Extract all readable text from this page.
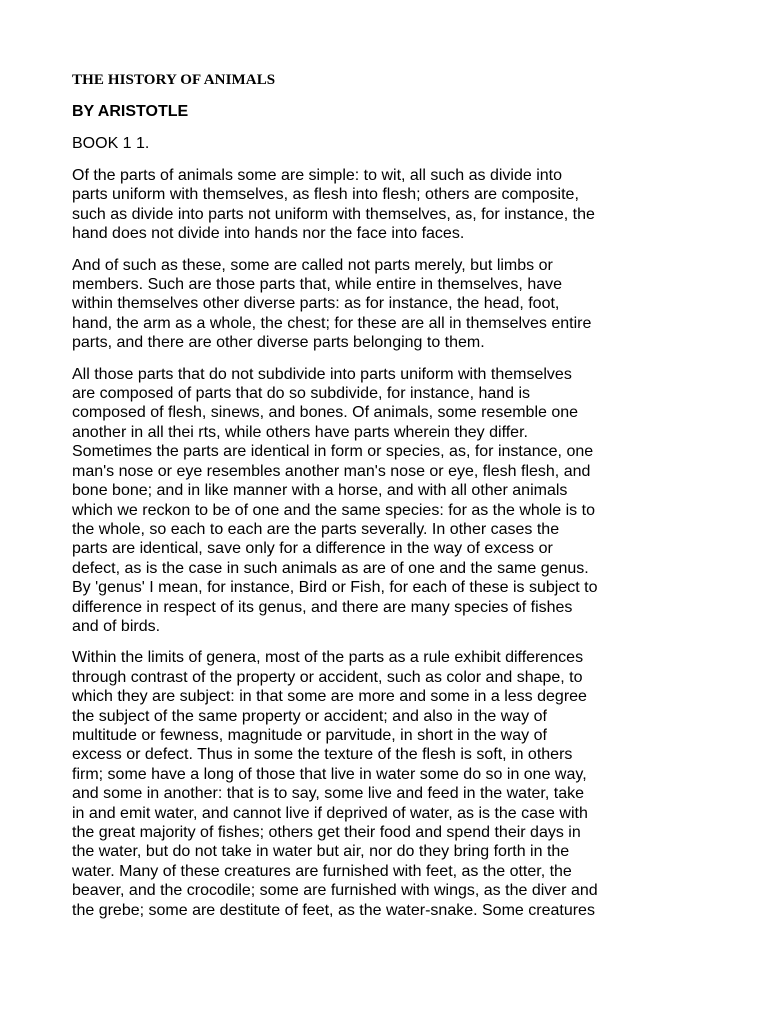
THE HISTORY OF ANIMALS
BY ARISTOTLE
BOOK 1 1.
Of the parts of animals some are simple: to wit, all such as divide into
parts uniform with themselves, as flesh into flesh; others are composite,
such as divide into parts not uniform with themselves, as, for instance, the
hand does not divide into hands nor the face into faces.
And of such as these, some are called not parts merely, but limbs or
members. Such are those parts that, while entire in themselves, have
within themselves other diverse parts: as for instance, the head, foot,
hand, the arm as a whole, the chest; for these are all in themselves entire
parts, and there are other diverse parts belonging to them.
All those parts that do not subdivide into parts uniform with themselves
are composed of parts that do so subdivide, for instance, hand is
composed of flesh, sinews, and bones. Of animals, some resemble one
another in all thei rts, while others have parts wherein they differ.
Sometimes the parts are identical in form or species, as, for instance, one
man's nose or eye resembles another man's nose or eye, flesh flesh, and
bone bone; and in like manner with a horse, and with all other animals
which we reckon to be of one and the same species: for as the whole is to
the whole, so each to each are the parts severally. In other cases the
parts are identical, save only for a difference in the way of excess or
defect, as is the case in such animals as are of one and the same genus.
By 'genus' I mean, for instance, Bird or Fish, for each of these is subject to
difference in respect of its genus, and there are many species of fishes
and of birds.
Within the limits of genera, most of the parts as a rule exhibit differences
through contrast of the property or accident, such as color and shape, to
which they are subject: in that some are more and some in a less degree
the subject of the same property or accident; and also in the way of
multitude or fewness, magnitude or parvitude, in short in the way of
excess or defect. Thus in some the texture of the flesh is soft, in others
firm; some have a long of those that live in water some do so in one way,
and some in another: that is to say, some live and feed in the water, take
in and emit water, and cannot live if deprived of water, as is the case with
the great majority of fishes; others get their food and spend their days in
the water, but do not take in water but air, nor do they bring forth in the
water. Many of these creatures are furnished with feet, as the otter, the
beaver, and the crocodile; some are furnished with wings, as the diver and
the grebe; some are destitute of feet, as the water-snake. Some creatures
